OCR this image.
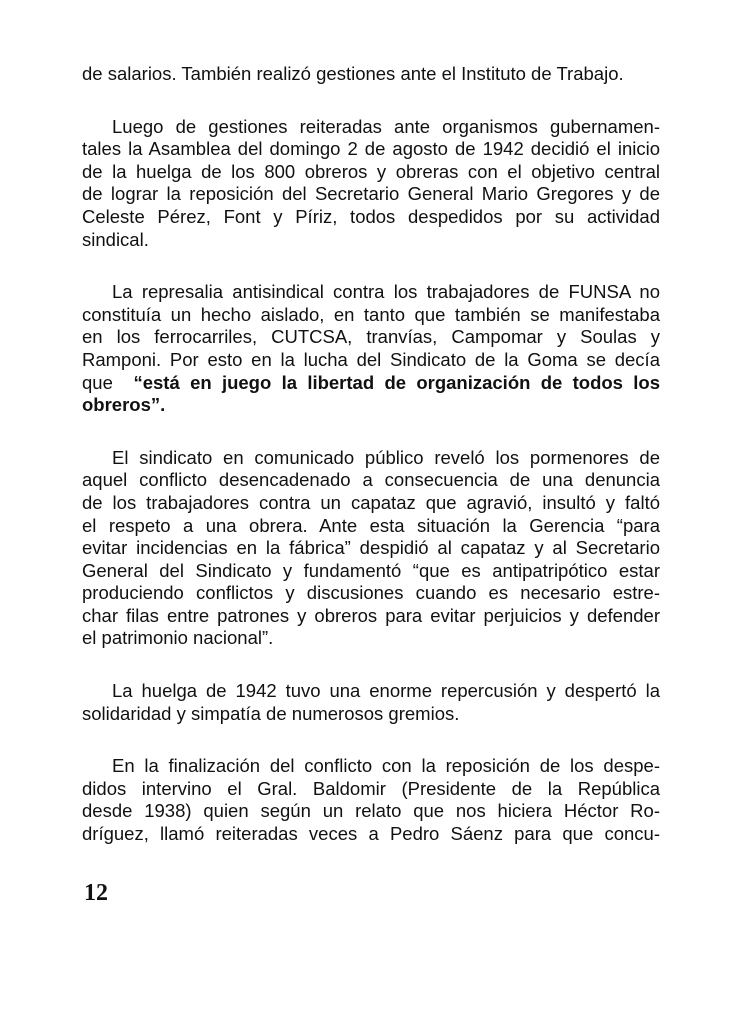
de salarios. También realizó gestiones ante el Instituto de Trabajo.
Luego de gestiones reiteradas ante organismos gubernamen-
tales la Asamblea del domingo 2 de agosto de 1942 decidió el inicio
de la huelga de los 800 obreros y obreras con el objetivo central
de lograr la reposición del Secretario General Mario Gregores y de
Celeste Pérez, Font y Píriz, todos despedidos por su actividad
sindical.
La represalia antisindical contra los trabajadores de FUNSA no
constituía un hecho aislado, en tanto que también se manifestaba
en los ferrocarriles, CUTCSA, tranvías, Campomar y Soulas y
Ramponi. Por esto en la lucha del Sindicato de la Goma se decía
que “está en juego la libertad de organización de todos los
obreros”.
El sindicato en comunicado público reveló los pormenores de
aquel conflicto desencadenado a consecuencia de una denuncia
de los trabajadores contra un capataz que agravió, insultó y faltó
el respeto a una obrera. Ante esta situación la Gerencia “para
evitar incidencias en la fábrica” despidió al capataz y al Secretario
General del Sindicato y fundamentó “que es antipatripótico estar
produciendo conflictos y discusiones cuando es necesario estre-
char filas entre patrones y obreros para evitar perjuicios y defender
el patrimonio nacional”.
La huelga de 1942 tuvo una enorme repercusión y despertó la
solidaridad y simpatía de numerosos gremios.
En la finalización del conflicto con la reposición de los despe-
didos intervino el Gral. Baldomir (Presidente de la República
desde 1938) quien según un relato que nos hiciera Héctor Ro-
dríguez, llamó reiteradas veces a Pedro Sáenz para que concu-
12
